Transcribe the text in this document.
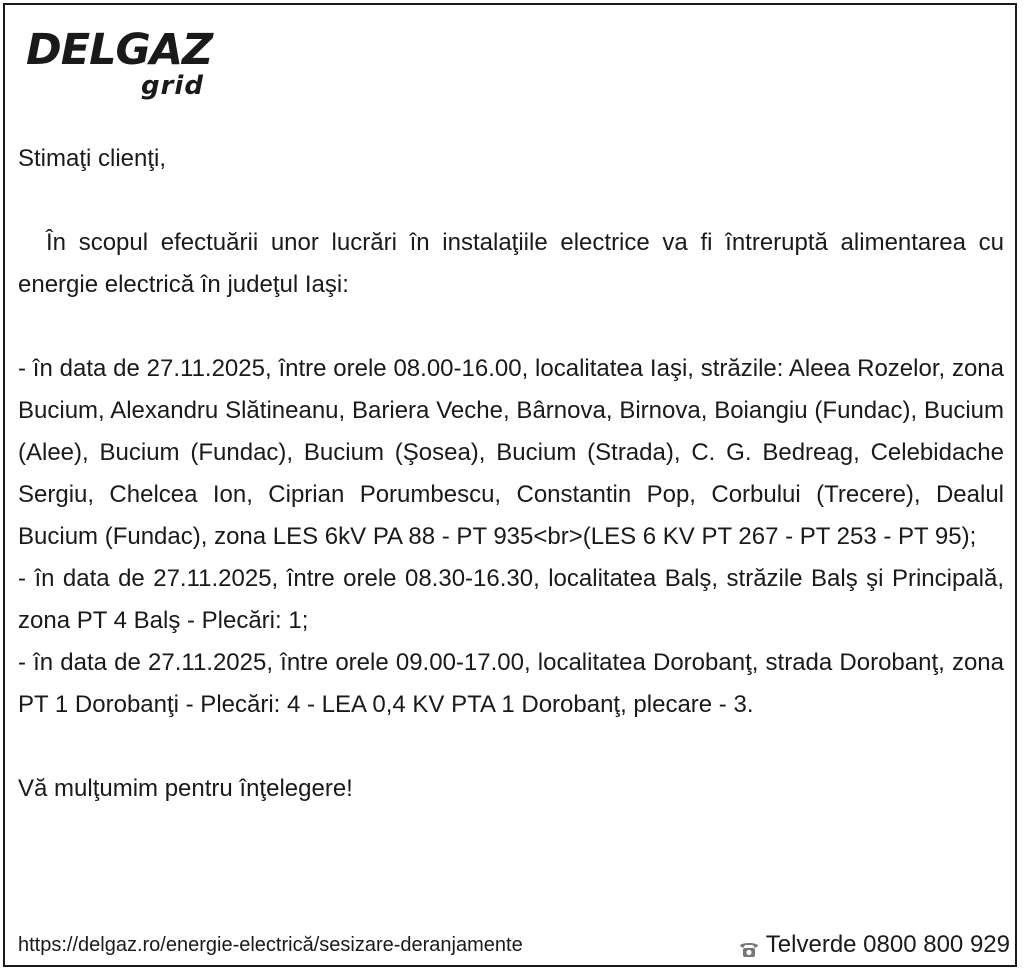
DELGAZ
grid

Stimaţi clienţi,

În scopul efectuării unor lucrări în instalaţiile electrice va fi întreruptă alimentarea cu energie electrică în judeţul Iaşi:

- în data de 27.11.2025, între orele 08.00-16.00, localitatea Iaşi, străzile: Aleea Rozelor, zona Bucium, Alexandru Slătineanu, Bariera Veche, Bârnova, Birnova, Boiangiu (Fundac), Bucium (Alee), Bucium (Fundac), Bucium (Şosea), Bucium (Strada), C. G. Bedreag, Celebidache Sergiu, Chelcea Ion, Ciprian Porumbescu, Constantin Pop, Corbului (Trecere), Dealul Bucium (Fundac), zona LES 6kV PA 88 - PT 935<br>(LES 6 KV PT 267 - PT 253 - PT 95);

- în data de 27.11.2025, între orele 08.30-16.30, localitatea Balş, străzile Balş şi Principală, zona PT 4 Balş - Plecări: 1;

- în data de 27.11.2025, între orele 09.00-17.00, localitatea Dorobanţ, strada Dorobanţ, zona PT 1 Dorobanţi - Plecări: 4 - LEA 0,4 KV PTA 1 Dorobanţ, plecare - 3.

Vă mulţumim pentru înţelegere!

https://delgaz.ro/energie-electrică/sesizare-deranjamente	Telverde 0800 800 929
